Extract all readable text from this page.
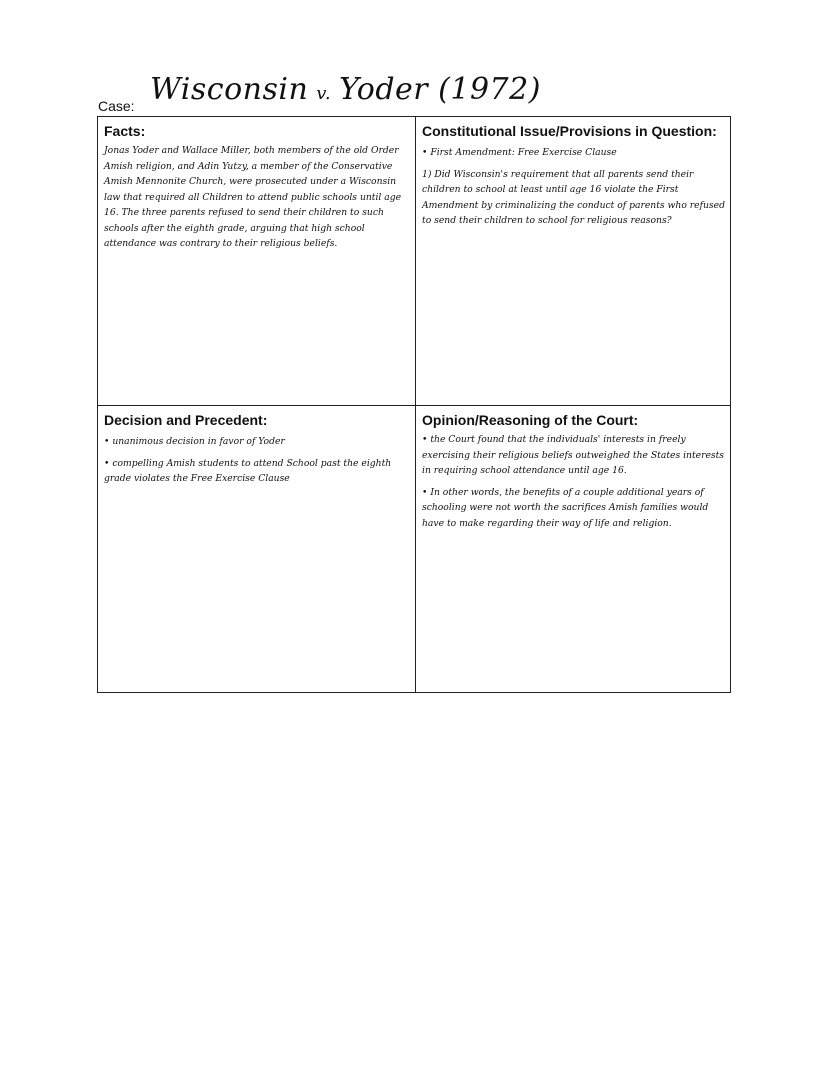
Case: Wisconsin v. Yoder (1972)
Facts:

Jonas Yoder and Wallace Miller, both members of the old Order Amish religion, and Adin Yutzy, a member of the Conservative Amish Mennonite Church, were prosecuted under a Wisconsin law that required all Children to attend public schools until age 16. The three parents refused to send their children to such schools after the eighth grade, arguing that high school attendance was contrary to their religious beliefs.

Constitutional Issue/Provisions in Question:

• First Amendment: Free Exercise Clause

1) Did Wisconsin's requirement that all parents send their children to school at least until age 16 violate the First Amendment by criminalizing the conduct of parents who refused to send their children to school for religious reasons?

Decision and Precedent:

• unanimous decision in favor of Yoder

• compelling Amish students to attend School past the eighth grade violates the Free Exercise Clause

Opinion/Reasoning of the Court:

• the Court found that the individuals' interests in freely exercising their religious beliefs outweighed the States interests in requiring school attendance until age 16.

• In other words, the benefits of a couple additional years of schooling were not worth the sacrifices Amish families would have to make regarding their way of life and religion.
